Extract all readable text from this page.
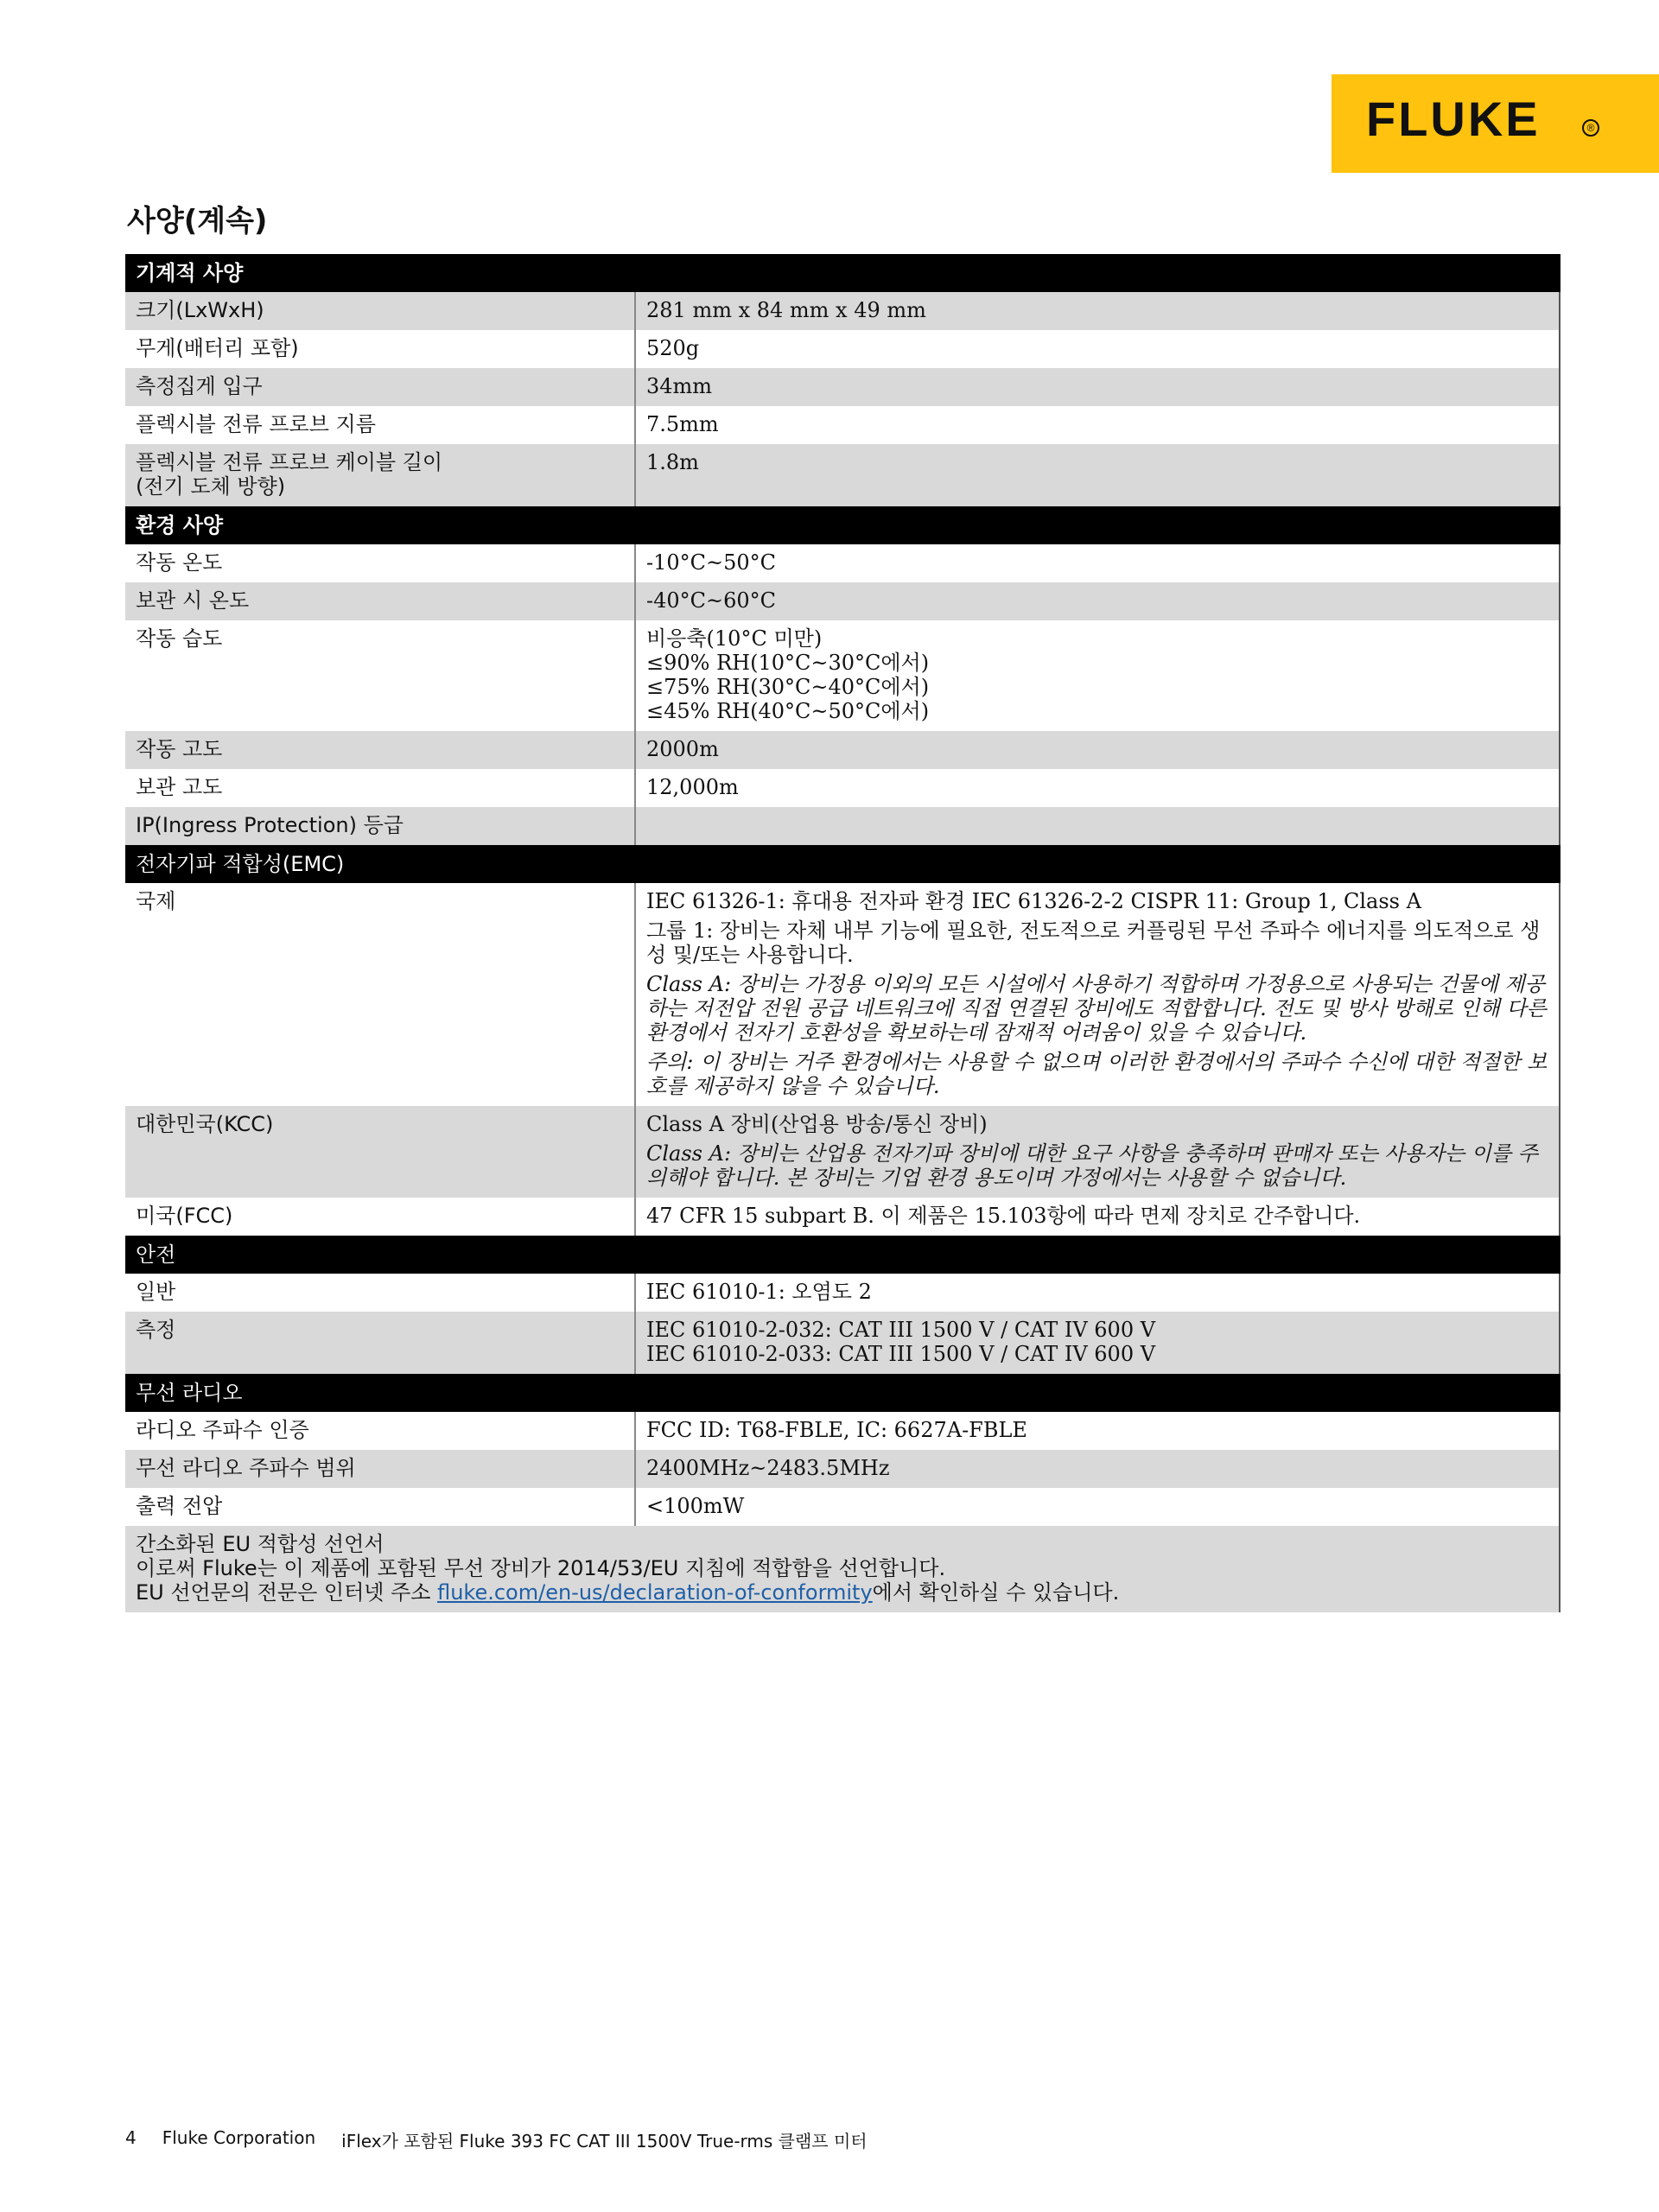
FLUKE	®
사양(계속)
기계적 사양	
크기(LxWxH)	281 mm x 84 mm x 49 mm

무게(배터리 포함)	520g

측정집게 입구	34mm

플렉시블 전류 프로브 지름	7.5mm

플렉시블 전류 프로브 케이블 길이
(전기 도체 방향)	1.8m

환경 사양	
작동 온도	-10°C~50°C

보관 시 온도	-40°C~60°C

작동 습도	비응축(10°C 미만)
≤90% RH(10°C~30°C에서)
≤75% RH(30°C~40°C에서)
≤45% RH(40°C~50°C에서)

작동 고도	2000m

보관 고도	12,000m

IP(Ingress Protection) 등급	

전자기파 적합성(EMC)	
국제	IEC 61326-1: 휴대용 전자파 환경 IEC 61326-2-2 CISPR 11: Group 1, Class A
그룹 1: 장비는 자체 내부 기능에 필요한, 전도적으로 커플링된 무선 주파수 에너지를 의도적으로 생성 및/또는 사용합니다.
Class A: 장비는 가정용 이외의 모든 시설에서 사용하기 적합하며 가정용으로 사용되는 건물에 제공하는 저전압 전원 공급 네트워크에 직접 연결된 장비에도 적합합니다. 전도 및 방사 방해로 인해 다른 환경에서 전자기 호환성을 확보하는데 잠재적 어려움이 있을 수 있습니다.
주의: 이 장비는 거주 환경에서는 사용할 수 없으며 이러한 환경에서의 주파수 수신에 대한 적절한 보호를 제공하지 않을 수 있습니다.

대한민국(KCC)	Class A 장비(산업용 방송/통신 장비)
Class A: 장비는 산업용 전자기파 장비에 대한 요구 사항을 충족하며 판매자 또는 사용자는 이를 주의해야 합니다. 본 장비는 기업 환경 용도이며 가정에서는 사용할 수 없습니다.

미국(FCC)	47 CFR 15 subpart B. 이 제품은 15.103항에 따라 면제 장치로 간주합니다.

안전	
일반	IEC 61010-1: 오염도 2

측정	IEC 61010-2-032: CAT III 1500 V / CAT IV 600 V
IEC 61010-2-033: CAT III 1500 V / CAT IV 600 V

무선 라디오	
라디오 주파수 인증	FCC ID: T68-FBLE, IC: 6627A-FBLE

무선 라디오 주파수 범위	2400MHz~2483.5MHz

출력 전압	<100mW

간소화된 EU 적합성 선언서
이로써 Fluke는 이 제품에 포함된 무선 장비가 2014/53/EU 지침에 적합함을 선언합니다.
EU 선언문의 전문은 인터넷 주소 fluke.com/en-us/declaration-of-conformity에서 확인하실 수 있습니다.	
4 Fluke Corporation iFlex가 포함된 Fluke 393 FC CAT III 1500V True-rms 클램프 미터
